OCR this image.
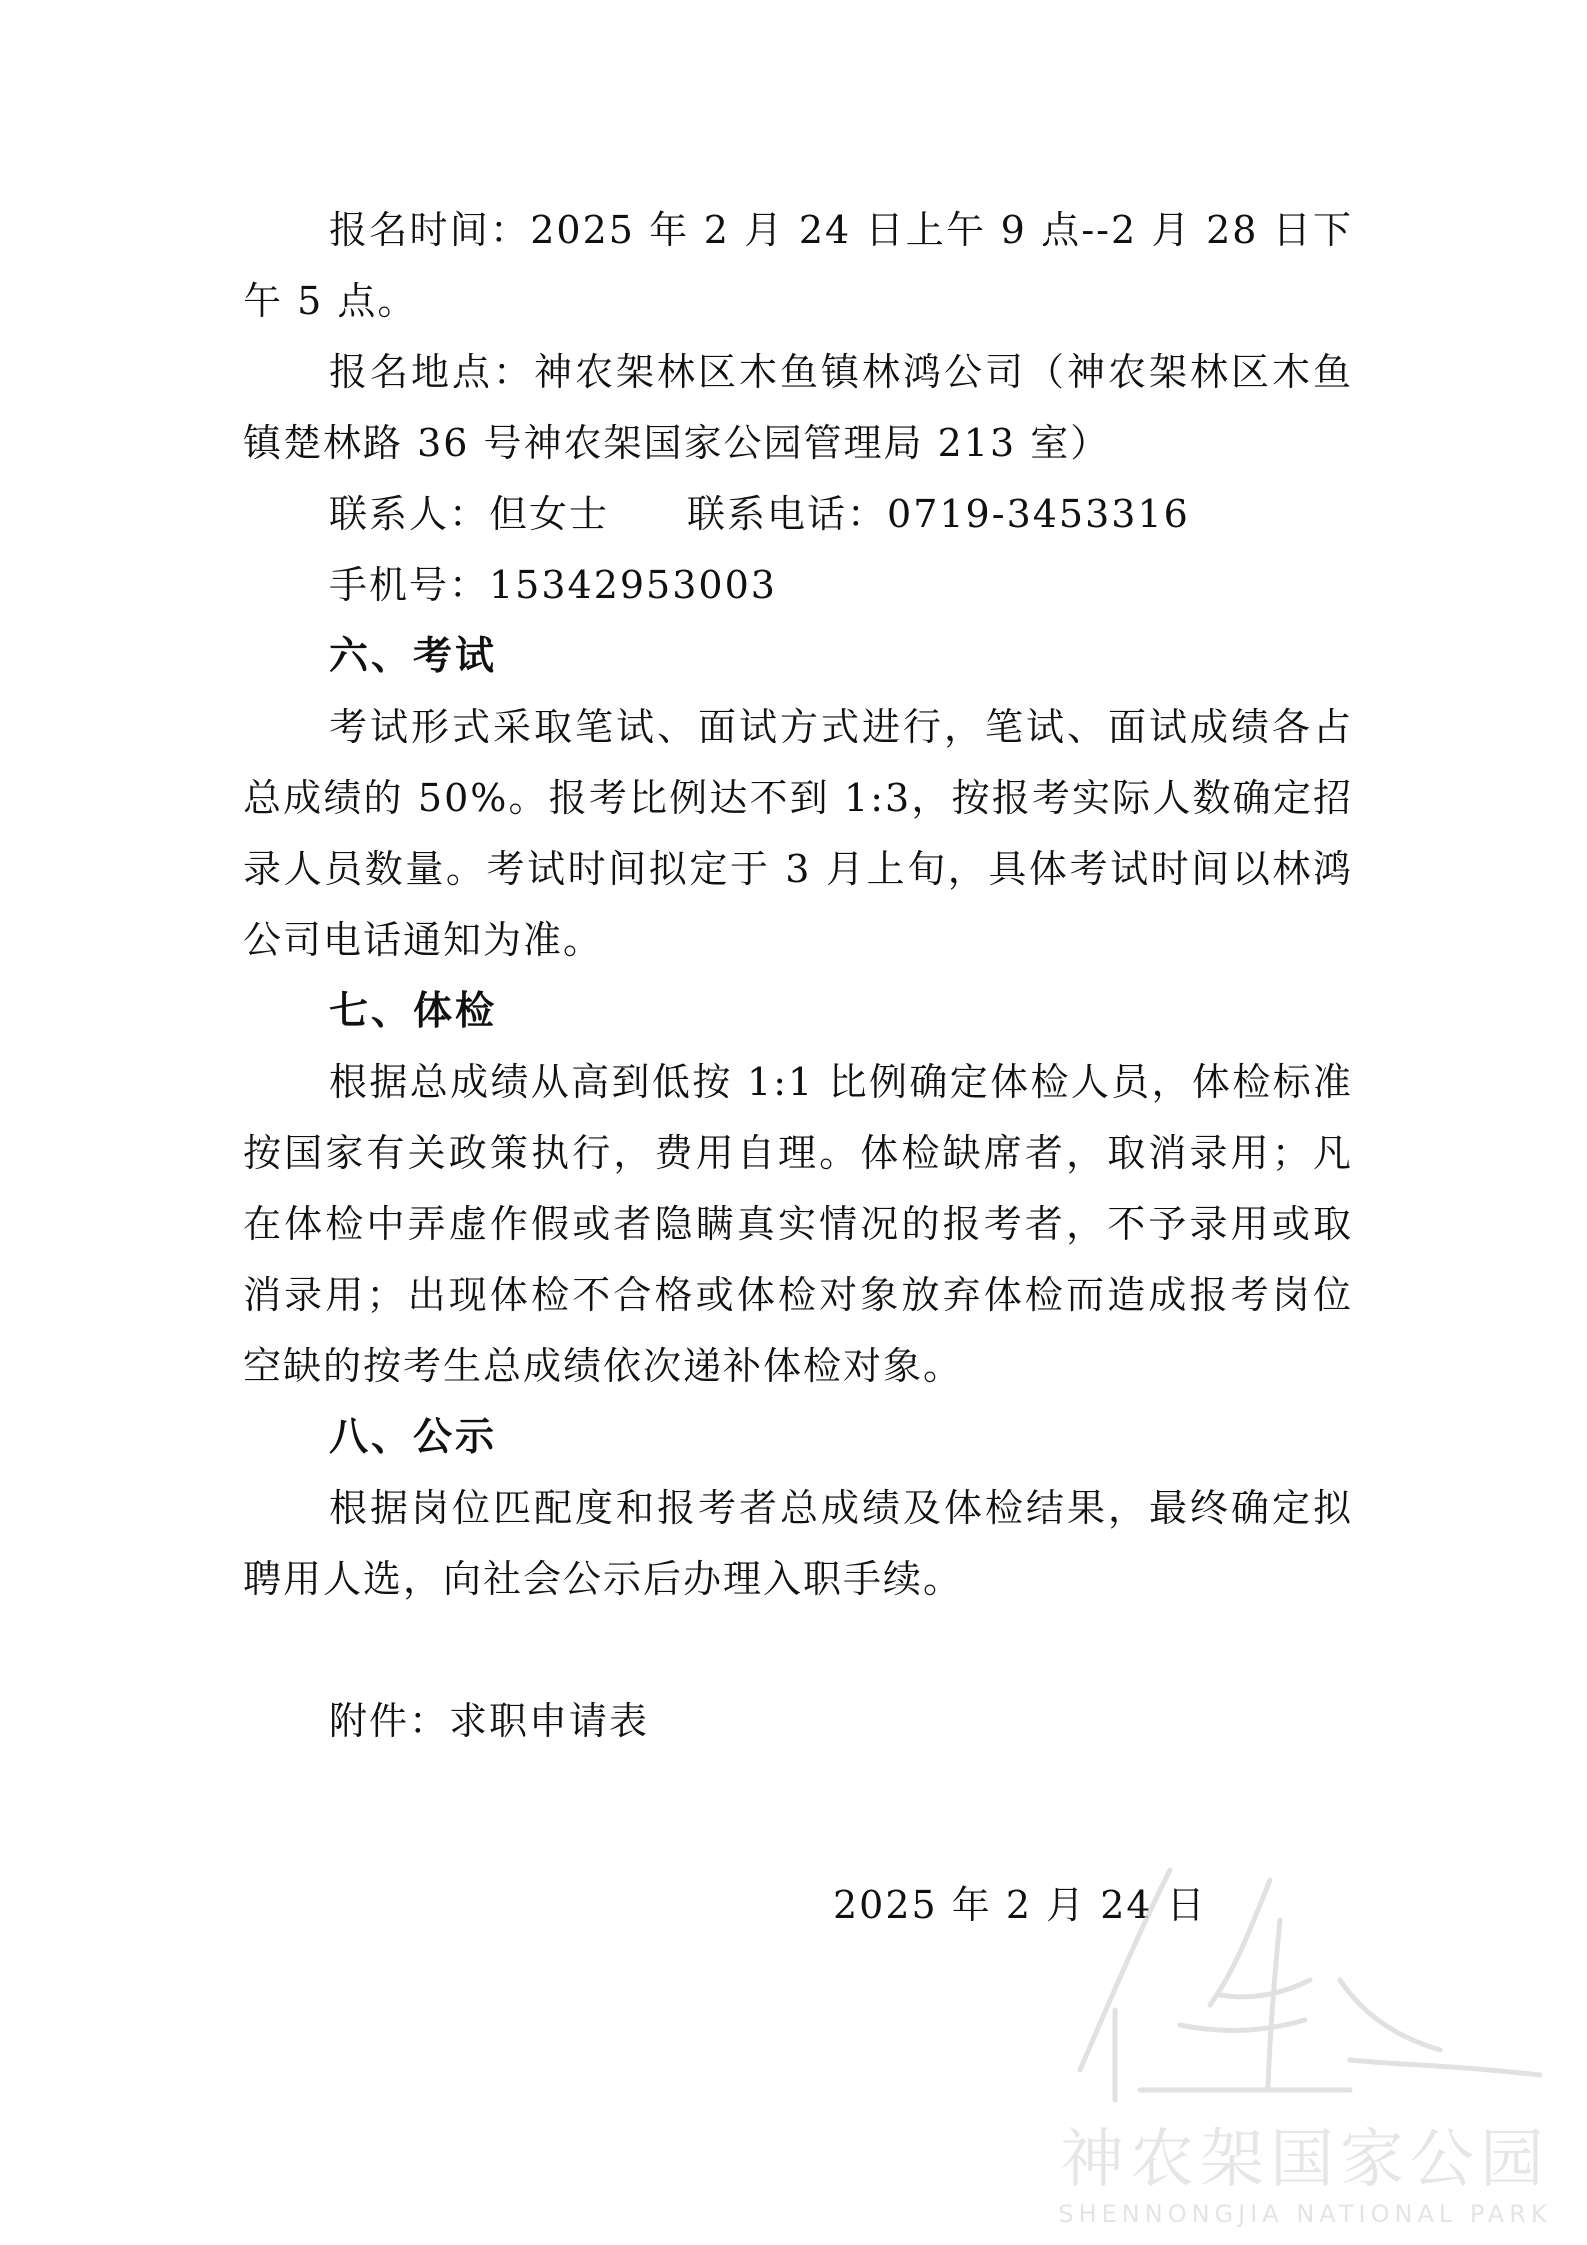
报名时间：2025 年 2 月 24 日上午 9 点--2 月 28 日下午 5 点。

报名地点：神农架林区木鱼镇林鸿公司（神农架林区木鱼镇楚林路 36 号神农架国家公园管理局 213 室）

联系人：但女士 联系电话：0719-3453316

手机号：15342953003

六、考试

考试形式采取笔试、面试方式进行，笔试、面试成绩各占总成绩的 50%。报考比例达不到 1:3，按报考实际人数确定招录人员数量。考试时间拟定于 3 月上旬，具体考试时间以林鸿公司电话通知为准。

七、体检

根据总成绩从高到低按 1:1 比例确定体检人员，体检标准按国家有关政策执行，费用自理。体检缺席者，取消录用；凡在体检中弄虚作假或者隐瞒真实情况的报考者，不予录用或取消录用；出现体检不合格或体检对象放弃体检而造成报考岗位空缺的按考生总成绩依次递补体检对象。

八、公示

根据岗位匹配度和报考者总成绩及体检结果，最终确定拟聘用人选，向社会公示后办理入职手续。

附件：求职申请表

2025 年 2 月 24 日
神农架国家公园
SHENNONGJIA NATIONAL PARK
